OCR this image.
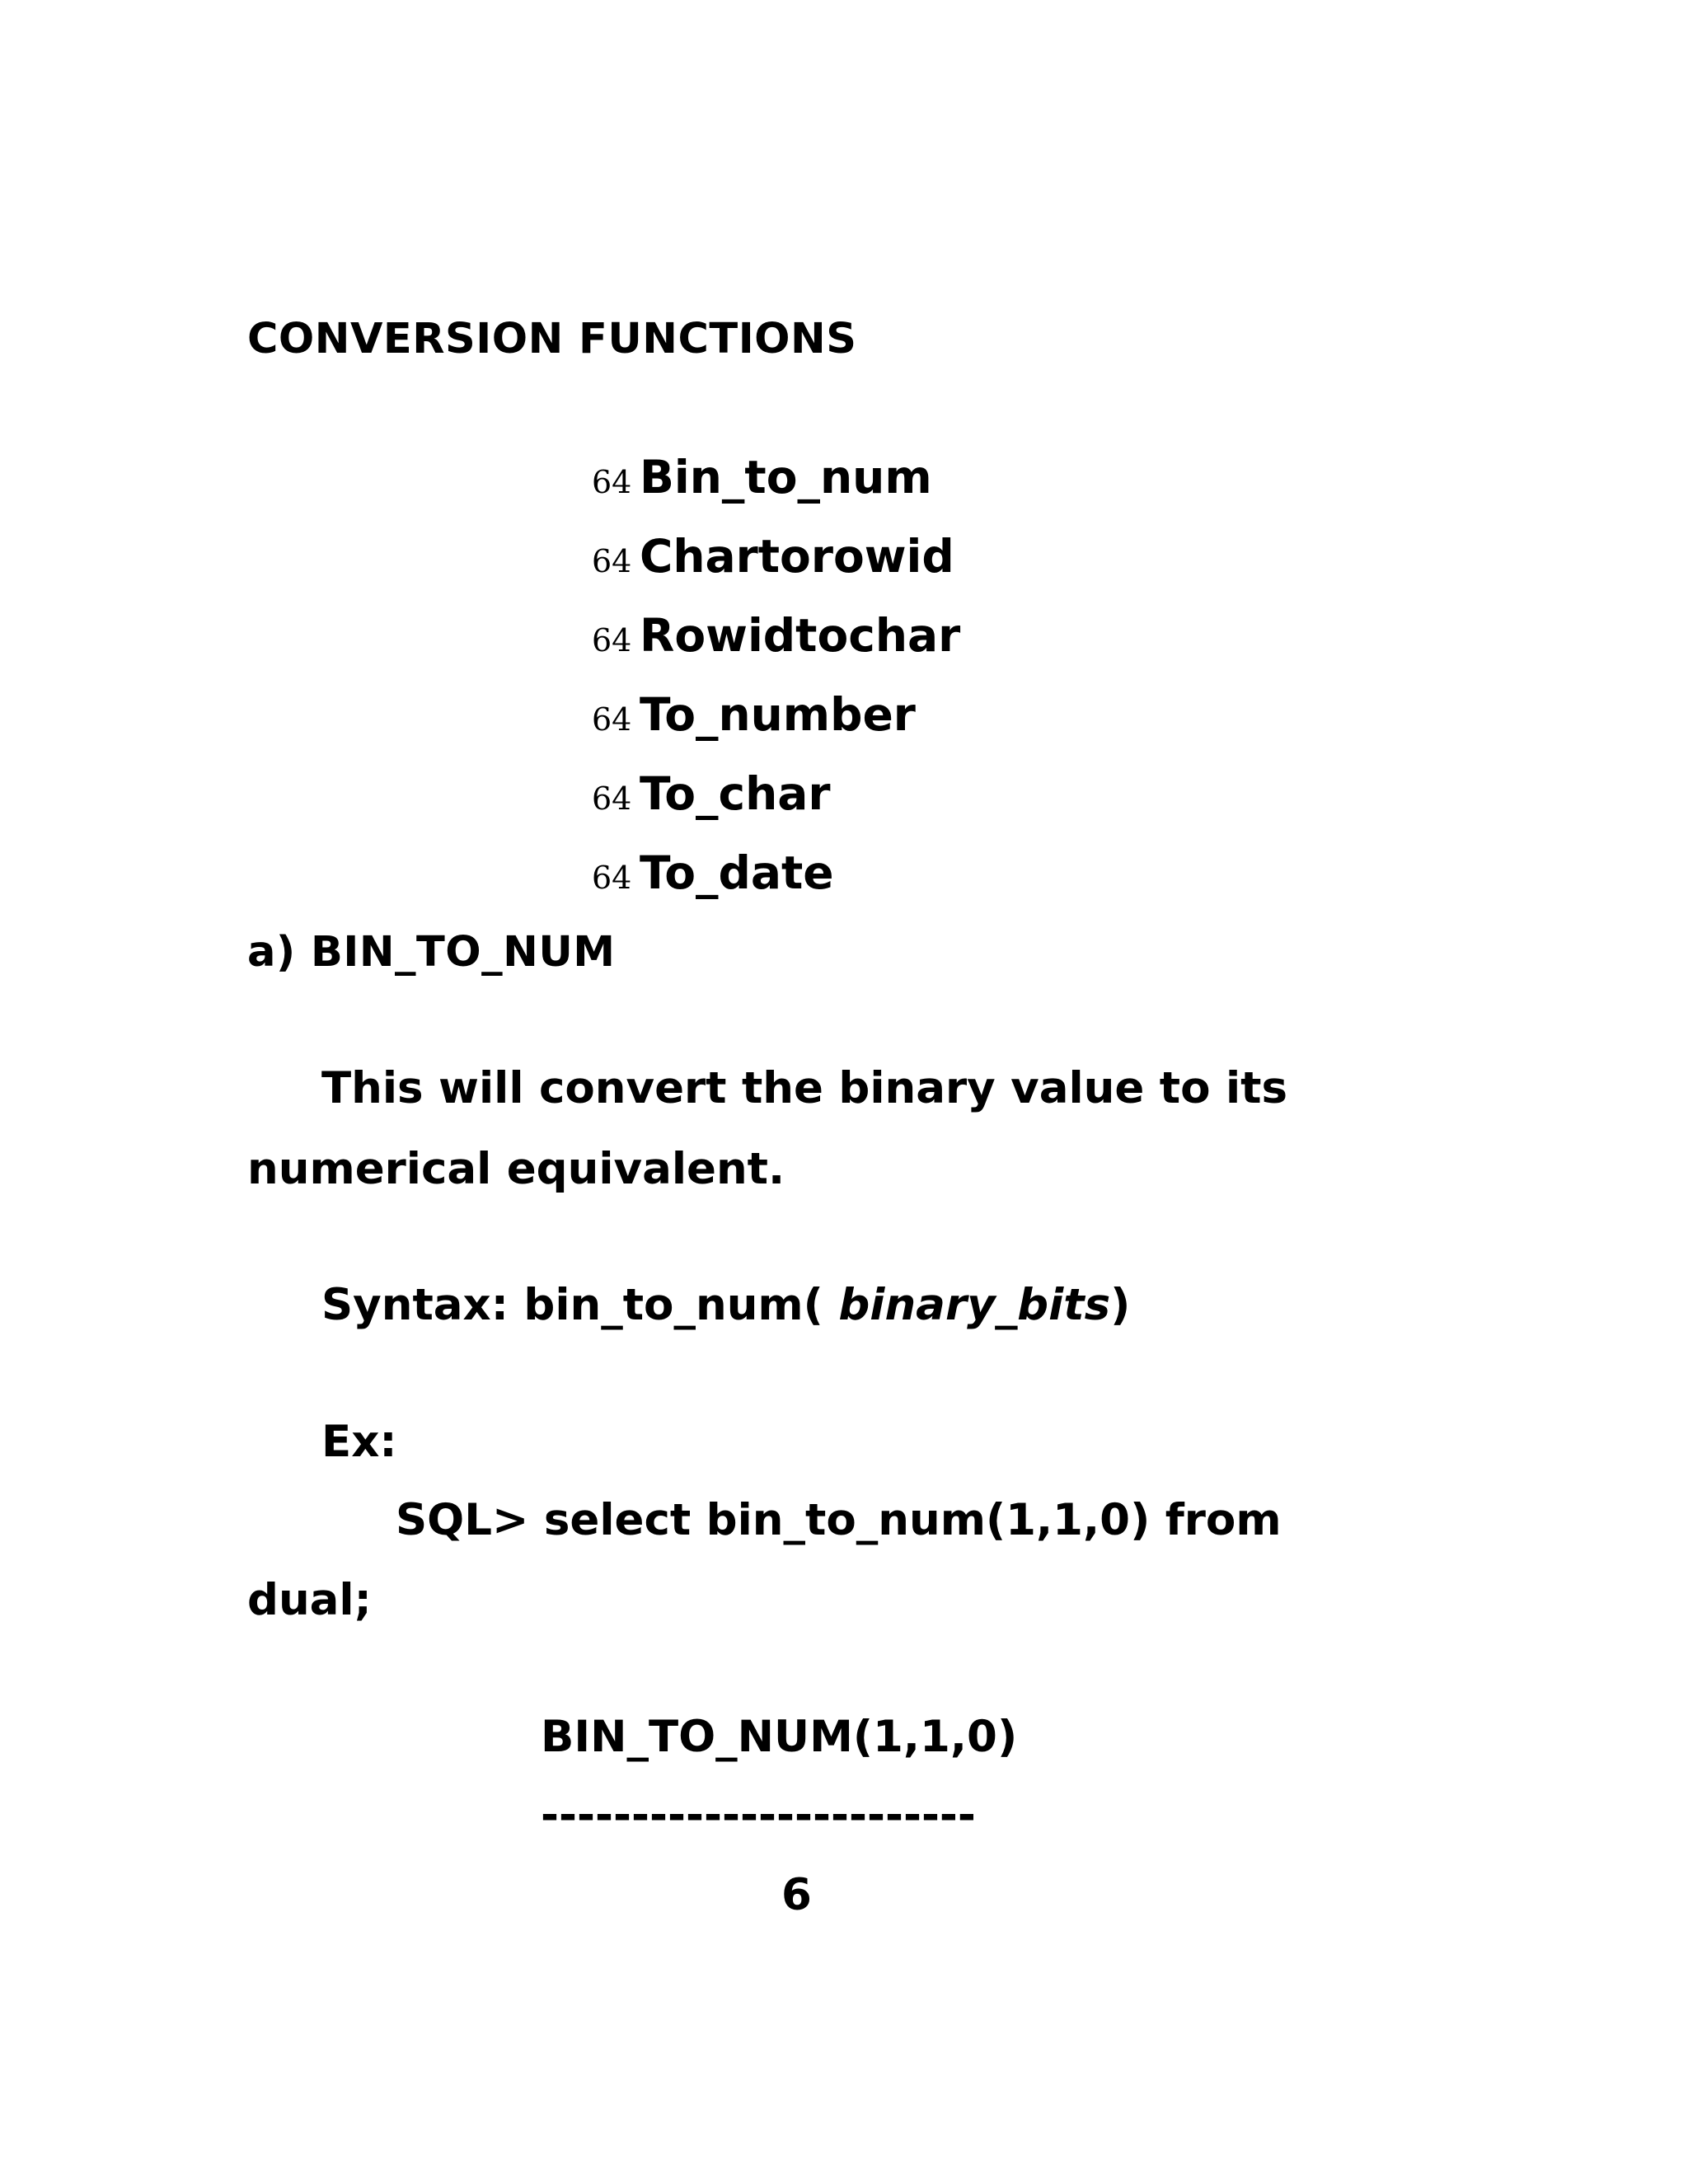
CONVERSION FUNCTIONS
64 Bin_to_num
64 Chartorowid
64 Rowidtochar
64 To_number
64 To_char
64 To_date
a) BIN_TO_NUM
This will convert the binary value to its
numerical equivalent.
Syntax: bin_to_num( binary_bits)
Ex:
SQL> select bin_to_num(1,1,0) from
dual;
BIN_TO_NUM(1,1,0)
------------------------
6
